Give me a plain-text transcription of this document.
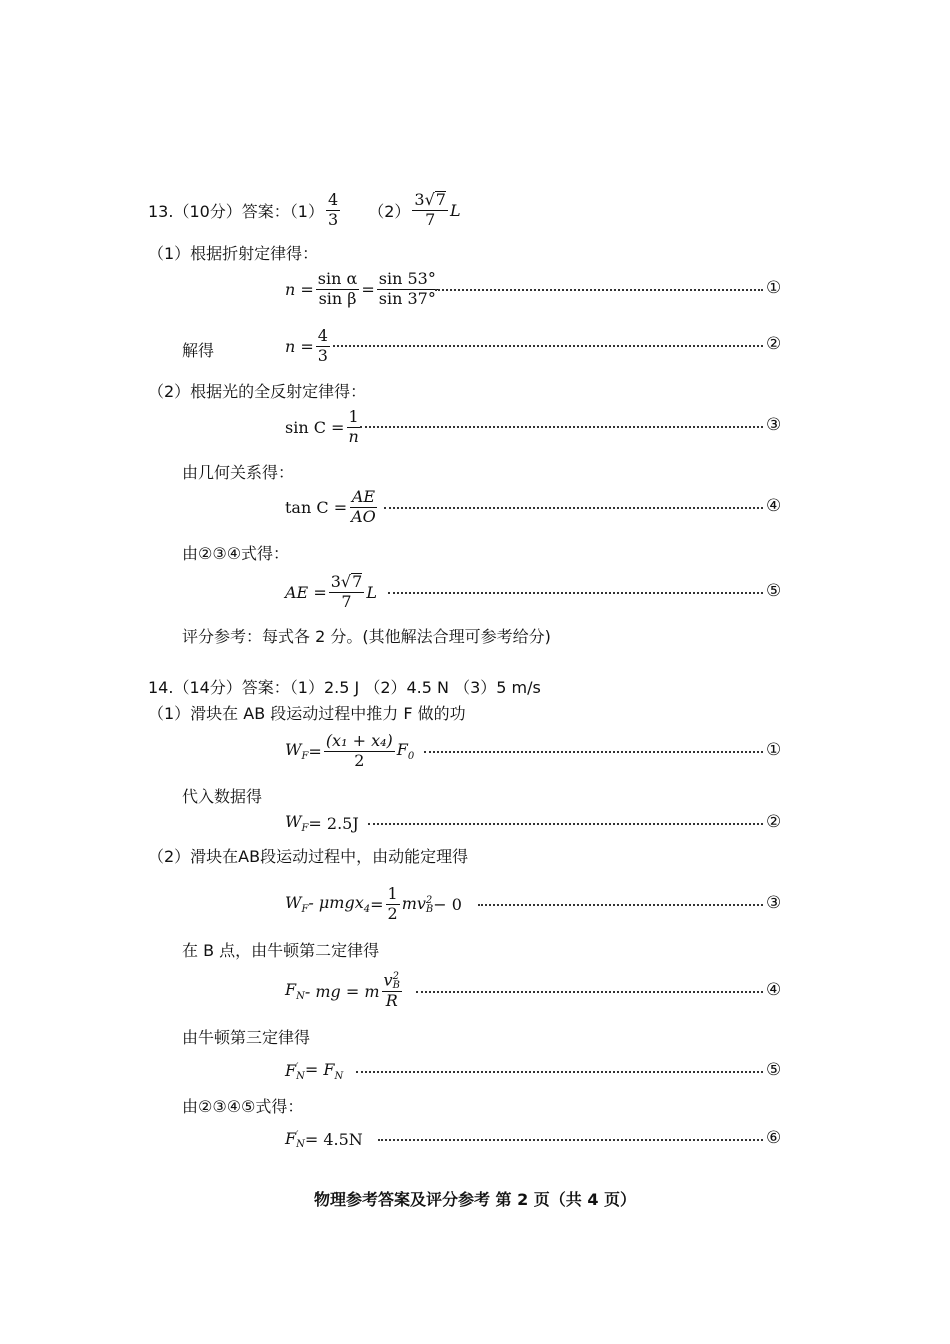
13.（10分）答案：$(1) \frac{4}{3} (2) \frac{3 √ 7}{7}$ L
（1）根据折射定律得：
$n = \frac{\text{sin α}}{\text{sin β}} = \frac{\sin 53^\circ}{\sin 37^\circ}$	①
解得	$n = \frac{4}{3}$	②
（2）根据光的全反射定律得：
$\sin C = \frac{1}{n}$	③
由几何关系得：
$\tan C = \frac{AE}{AO}$	④
由②③④式得：
AE = $\frac{3 √ 7}{7}$ L	⑤
评分参考：每式各 2 分。(其他解法合理可参考给分)
14.（14分）答案：（1）2.5 J （2）4.5 N （3）5 m/s
（1）滑块在 AB 段运动过程中推力 F 做的功
$W_F = \frac{\text{(x₁ + x₄)}}{2} F_0$	①
代入数据得
$W_F = 2.5J$	②
（2）滑块在AB段运动过程中，由动能定理得
$W_F - \mu mgx_4 = \frac{1}{2}$ mv 2
B − 0	③
在 B 点，由牛顿第二定律得
$F_N$ - mg = m v 2
B
R	④
由牛顿第三定律得
F ′
$N = F_N$	⑤
由②③④⑤式得：
F ′
N = 4.5N	⑥
物理参考答案及评分参考 第 2 页（共 4 页）
